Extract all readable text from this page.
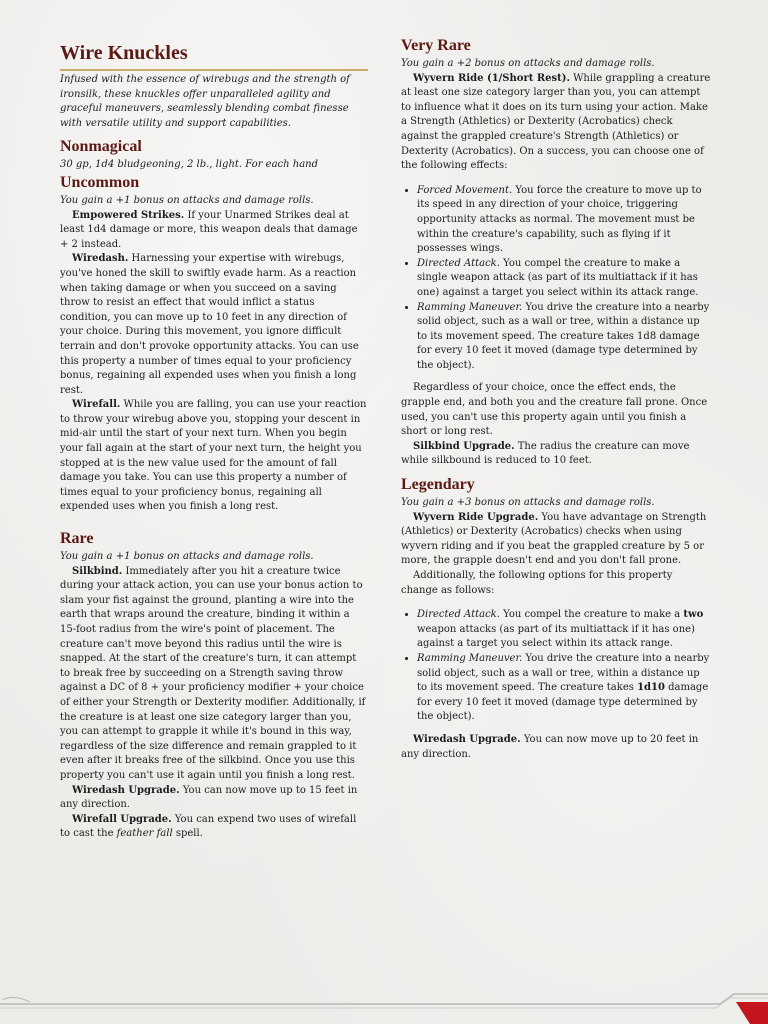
Wire Knuckles

Infused with the essence of wirebugs and the strength of ironsilk, these knuckles offer unparalleled agility and graceful maneuvers, seamlessly blending combat finesse with versatile utility and support capabilities.

Nonmagical

30 gp, 1d4 bludgeoning, 2 lb., light. For each hand

Uncommon

You gain a +1 bonus on attacks and damage rolls.

Empowered Strikes. If your Unarmed Strikes deal at least 1d4 damage or more, this weapon deals that damage + 2 instead.

Wiredash. Harnessing your expertise with wirebugs, you've honed the skill to swiftly evade harm. As a reaction when taking damage or when you succeed on a saving throw to resist an effect that would inflict a status condition, you can move up to 10 feet in any direction of your choice. During this movement, you ignore difficult terrain and don't provoke opportunity attacks. You can use this property a number of times equal to your proficiency bonus, regaining all expended uses when you finish a long rest.

Wirefall. While you are falling, you can use your reaction to throw your wirebug above you, stopping your descent in mid-air until the start of your next turn. When you begin your fall again at the start of your next turn, the height you stopped at is the new value used for the amount of fall damage you take. You can use this property a number of times equal to your proficiency bonus, regaining all expended uses when you finish a long rest.

Rare

You gain a +1 bonus on attacks and damage rolls.

Silkbind. Immediately after you hit a creature twice during your attack action, you can use your bonus action to slam your fist against the ground, planting a wire into the earth that wraps around the creature, binding it within a 15-foot radius from the wire's point of placement. The creature can't move beyond this radius until the wire is snapped. At the start of the creature's turn, it can attempt to break free by succeeding on a Strength saving throw against a DC of 8 + your proficiency modifier + your choice of either your Strength or Dexterity modifier. Additionally, if the creature is at least one size category larger than you, you can attempt to grapple it while it's bound in this way, regardless of the size difference and remain grappled to it even after it breaks free of the silkbind. Once you use this property you can't use it again until you finish a long rest.

Wiredash Upgrade. You can now move up to 15 feet in any direction.

Wirefall Upgrade. You can expend two uses of wirefall to cast the feather fall spell.

Very Rare

You gain a +2 bonus on attacks and damage rolls.

Wyvern Ride (1/Short Rest). While grappling a creature at least one size category larger than you, you can attempt to influence what it does on its turn using your action. Make a Strength (Athletics) or Dexterity (Acrobatics) check against the grappled creature's Strength (Athletics) or Dexterity (Acrobatics). On a success, you can choose one of the following effects:

• Forced Movement. You force the creature to move up to its speed in any direction of your choice, triggering opportunity attacks as normal. The movement must be within the creature's capability, such as flying if it possesses wings.
• Directed Attack. You compel the creature to make a single weapon attack (as part of its multiattack if it has one) against a target you select within its attack range.
• Ramming Maneuver. You drive the creature into a nearby solid object, such as a wall or tree, within a distance up to its movement speed. The creature takes 1d8 damage for every 10 feet it moved (damage type determined by the object).

Regardless of your choice, once the effect ends, the grapple end, and both you and the creature fall prone. Once used, you can't use this property again until you finish a short or long rest.

Silkbind Upgrade. The radius the creature can move while silkbound is reduced to 10 feet.

Legendary

You gain a +3 bonus on attacks and damage rolls.

Wyvern Ride Upgrade. You have advantage on Strength (Athletics) or Dexterity (Acrobatics) checks when using wyvern riding and if you beat the grappled creature by 5 or more, the grapple doesn't end and you don't fall prone.

Additionally, the following options for this property change as follows:

• Directed Attack. You compel the creature to make a two weapon attacks (as part of its multiattack if it has one) against a target you select within its attack range.
• Ramming Maneuver. You drive the creature into a nearby solid object, such as a wall or tree, within a distance up to its movement speed. The creature takes 1d10 damage for every 10 feet it moved (damage type determined by the object).

Wiredash Upgrade. You can now move up to 20 feet in any direction.
